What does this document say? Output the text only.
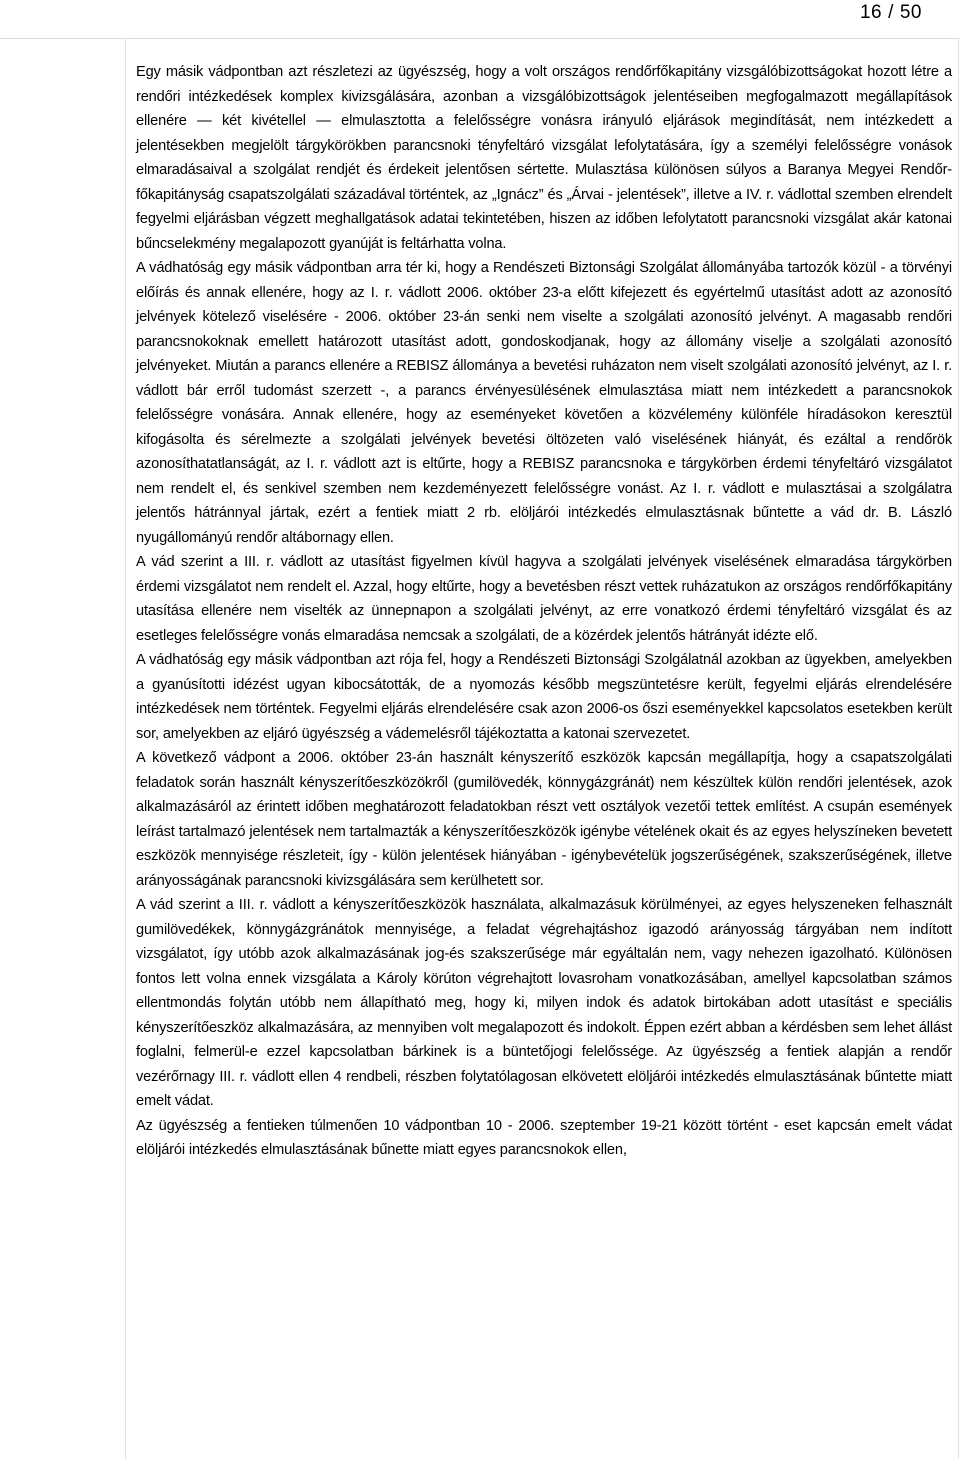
16 / 50

Egy másik vádpontban azt részletezi az ügyészség, hogy a volt országos rendőrfőkapitány vizsgálóbizottságokat hozott létre a rendőri intézkedések komplex kivizsgálására, azonban a vizsgálóbizottságok jelentéseiben megfogalmazott megállapítások ellenére — két kivétellel — elmulasztotta a felelősségre vonásra irányuló eljárások megindítását, nem intézkedett a jelentésekben megjelölt tárgykörökben parancsnoki tényfeltáró vizsgálat lefolytatására, így a személyi felelősségre vonások elmaradásaival a szolgálat rendjét és érdekeit jelentősen sértette. Mulasztása különösen súlyos a Baranya Megyei Rendőr-főkapitányság csapatszolgálati századával történtek, az „Ignácz” és „Árvai - jelentések”, illetve a IV. r. vádlottal szemben elrendelt fegyelmi eljárásban végzett meghallgatások adatai tekintetében, hiszen az időben lefolytatott parancsnoki vizsgálat akár katonai bűncselekmény megalapozott gyanúját is feltárhatta volna.

A vádhatóság egy másik vádpontban arra tér ki, hogy a Rendészeti Biztonsági Szolgálat állományába tartozók közül - a törvényi előírás és annak ellenére, hogy az I. r. vádlott 2006. október 23-a előtt kifejezett és egyértelmű utasítást adott az azonosító jelvények kötelező viselésére - 2006. október 23-án senki nem viselte a szolgálati azonosító jelvényt. A magasabb rendőri parancsnokoknak emellett határozott utasítást adott, gondoskodjanak, hogy az állomány viselje a szolgálati azonosító jelvényeket. Miután a parancs ellenére a REBISZ állománya a bevetési ruházaton nem viselt szolgálati azonosító jelvényt, az I. r. vádlott bár erről tudomást szerzett -, a parancs érvényesülésének elmulasztása miatt nem intézkedett a parancsnokok felelősségre vonására. Annak ellenére, hogy az eseményeket követően a közvélemény különféle híradásokon keresztül kifogásolta és sérelmezte a szolgálati jelvények bevetési öltözeten való viselésének hiányát, és ezáltal a rendőrök azonosíthatatlanságát, az I. r. vádlott azt is eltűrte, hogy a REBISZ parancsnoka e tárgykörben érdemi tényfeltáró vizsgálatot nem rendelt el, és senkivel szemben nem kezdeményezett felelősségre vonást. Az I. r. vádlott e mulasztásai a szolgálatra jelentős hátránnyal jártak, ezért a fentiek miatt 2 rb. elöljárói intézkedés elmulasztásnak bűntette a vád dr. B. László nyugállományú rendőr altábornagy ellen.

A vád szerint a III. r. vádlott az utasítást figyelmen kívül hagyva a szolgálati jelvények viselésének elmaradása tárgykörben érdemi vizsgálatot nem rendelt el. Azzal, hogy eltűrte, hogy a bevetésben részt vettek ruházatukon az országos rendőrfőkapitány utasítása ellenére nem viselték az ünnepnapon a szolgálati jelvényt, az erre vonatkozó érdemi tényfeltáró vizsgálat és az esetleges felelősségre vonás elmaradása nemcsak a szolgálati, de a közérdek jelentős hátrányát idézte elő.

A vádhatóság egy másik vádpontban azt rója fel, hogy a Rendészeti Biztonsági Szolgálatnál azokban az ügyekben, amelyekben a gyanúsítotti idézést ugyan kibocsátották, de a nyomozás később megszüntetésre került, fegyelmi eljárás elrendelésére intézkedések nem történtek. Fegyelmi eljárás elrendelésére csak azon 2006-os őszi eseményekkel kapcsolatos esetekben került sor, amelyekben az eljáró ügyészség a vádemelésről tájékoztatta a katonai szervezetet.

A következő vádpont a 2006. október 23-án használt kényszerítő eszközök kapcsán megállapítja, hogy a csapatszolgálati feladatok során használt kényszerítőeszközökről (gumilövedék, könnygázgránát) nem készültek külön rendőri jelentések, azok alkalmazásáról az érintett időben meghatározott feladatokban részt vett osztályok vezetői tettek említést. A csupán események leírást tartalmazó jelentések nem tartalmazták a kényszerítőeszközök igénybe vételének okait és az egyes helyszíneken bevetett eszközök mennyisége részleteit, így - külön jelentések hiányában - igénybevételük jogszerűségének, szakszerűségének, illetve arányosságának parancsnoki kivizsgálására sem kerülhetett sor.

A vád szerint a III. r. vádlott a kényszerítőeszközök használata, alkalmazásuk körülményei, az egyes helyszeneken felhasznált gumilövedékek, könnygázgránátok mennyisége, a feladat végrehajtáshoz igazodó arányosság tárgyában nem indított vizsgálatot, így utóbb azok alkalmazásának jog-és szakszerűsége már egyáltalán nem, vagy nehezen igazolható. Különösen fontos lett volna ennek vizsgálata a Károly körúton végrehajtott lovasroham vonatkozásában, amellyel kapcsolatban számos ellentmondás folytán utóbb nem állapítható meg, hogy ki, milyen indok és adatok birtokában adott utasítást e speciális kényszerítőeszköz alkalmazására, az mennyiben volt megalapozott és indokolt. Éppen ezért abban a kérdésben sem lehet állást foglalni, felmerül-e ezzel kapcsolatban bárkinek is a büntetőjogi felelőssége. Az ügyészség a fentiek alapján a rendőr vezérőrnagy III. r. vádlott ellen 4 rendbeli, részben folytatólagosan elkövetett elöljárói intézkedés elmulasztásának bűntette miatt emelt vádat.

Az ügyészség a fentieken túlmenően 10 vádpontban 10 - 2006. szeptember 19-21 között történt - eset kapcsán emelt vádat elöljárói intézkedés elmulasztásának bűnette miatt egyes parancsnokok ellen,
